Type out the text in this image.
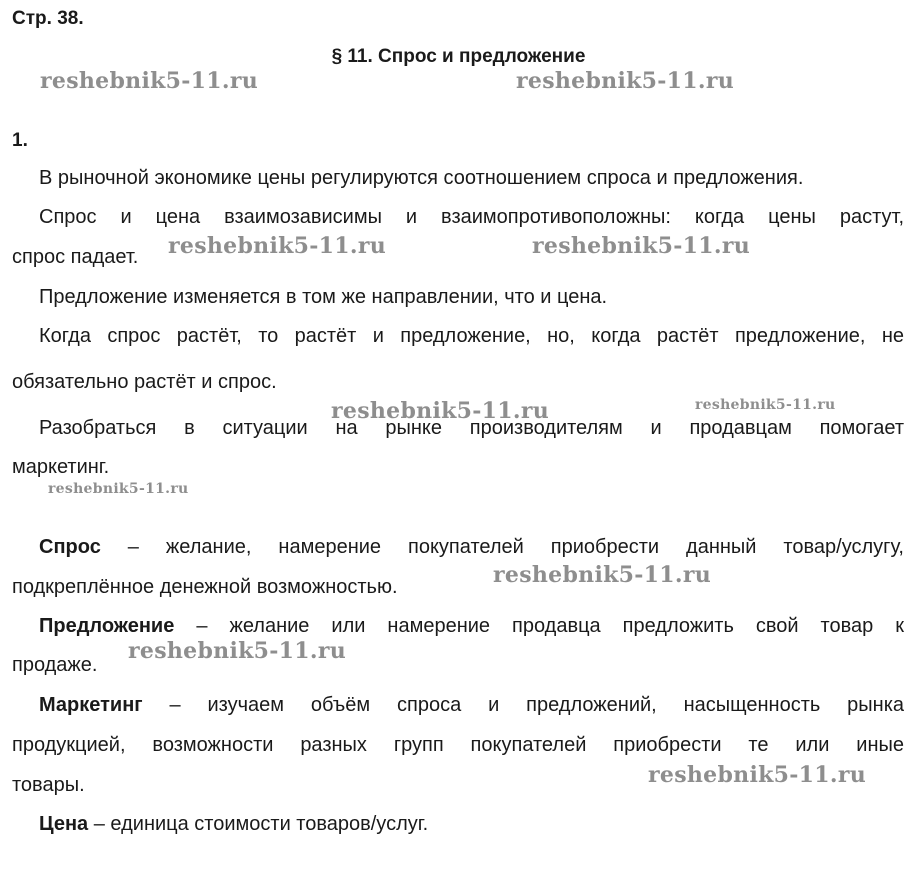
Стр. 38.
§ 11. Спрос и предложение
1.
В рыночной экономике цены регулируются соотношением спроса и предложения.
Спрос и цена взаимозависимы и взаимопротивоположны: когда цены растут,
спрос падает.
Предложение изменяется в том же направлении, что и цена.
Когда спрос растёт, то растёт и предложение, но, когда растёт предложение, не
обязательно растёт и спрос.
Разобраться в ситуации на рынке производителям и продавцам помогает
маркетинг.
Спрос – желание, намерение покупателей приобрести данный товар/услугу,
подкреплённое денежной возможностью.
Предложение – желание или намерение продавца предложить свой товар к
продаже.
Маркетинг – изучаем объём спроса и предложений, насыщенность рынка
продукцией, возможности разных групп покупателей приобрести те или иные
товары.
Цена – единица стоимости товаров/услуг.
reshebnik5-11.ru	reshebnik5-11.ru
reshebnik5-11.ru	reshebnik5-11.ru
reshebnik5-11.ru	reshebnik5-11.ru
reshebnik5-11.ru
reshebnik5-11.ru
reshebnik5-11.ru
reshebnik5-11.ru
